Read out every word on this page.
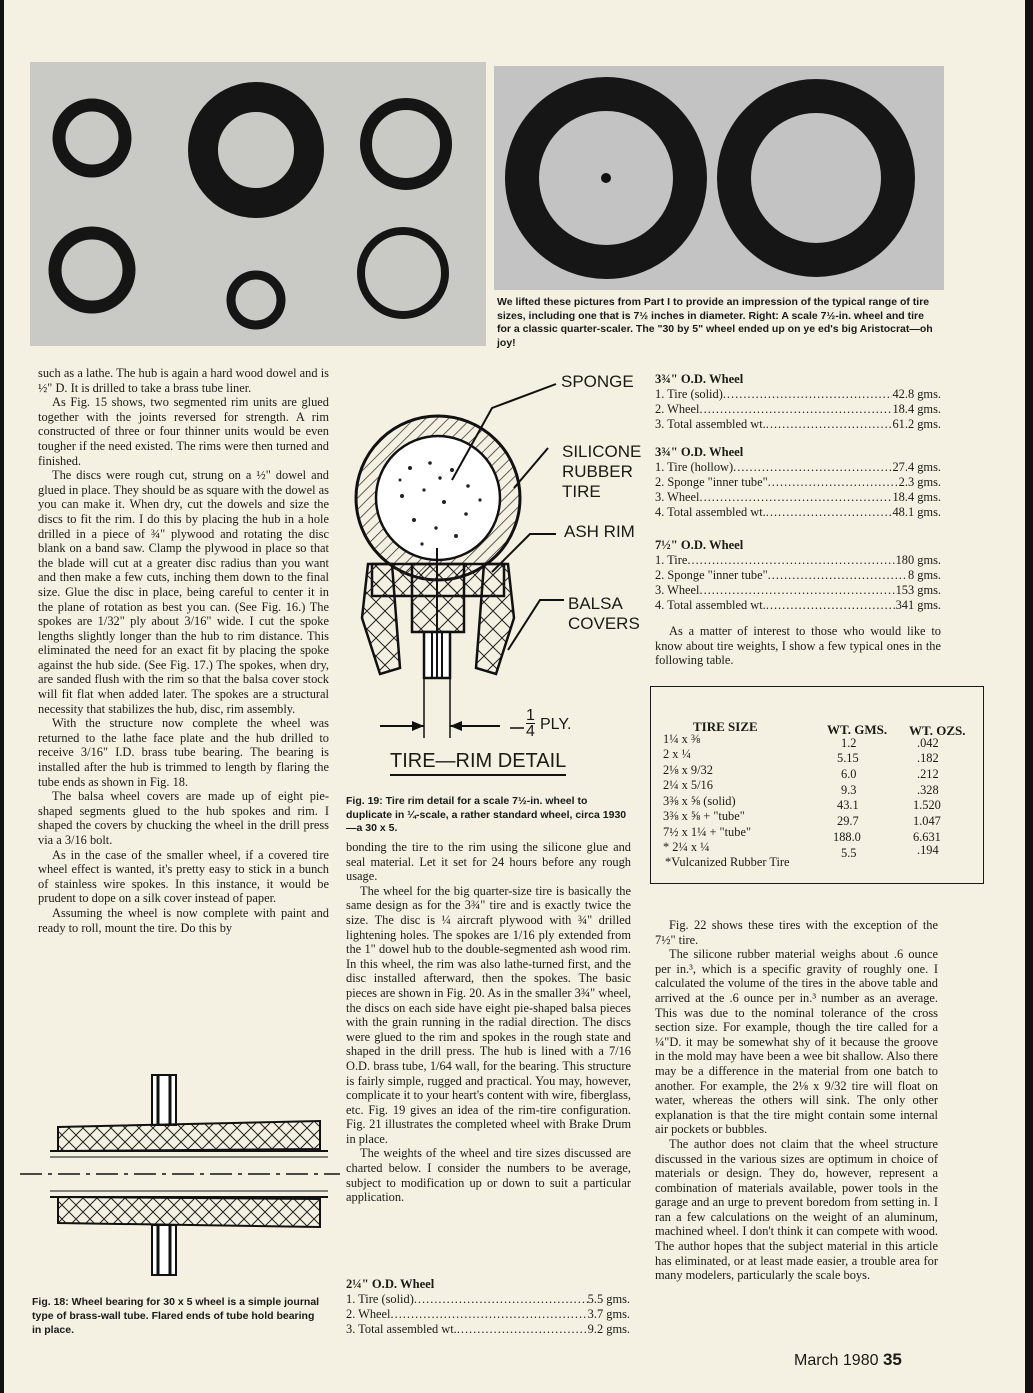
We lifted these pictures from Part I to provide an impression of the typical range of tire sizes, including one that is 7½ inches in diameter. Right: A scale 7½-in. wheel and tire for a classic quarter-scaler. The "30 by 5" wheel ended up on ye ed's big Aristocrat—oh joy!

such as a lathe. The hub is again a hard wood dowel and is ½" D. It is drilled to take a brass tube liner.

As Fig. 15 shows, two segmented rim units are glued together with the joints reversed for strength. A rim constructed of three or four thinner units would be even tougher if the need existed. The rims were then turned and finished.

The discs were rough cut, strung on a ½" dowel and glued in place. They should be as square with the dowel as you can make it. When dry, cut the dowels and size the discs to fit the rim. I do this by placing the hub in a hole drilled in a piece of ¾" plywood and rotating the disc blank on a band saw. Clamp the plywood in place so that the blade will cut at a greater disc radius than you want and then make a few cuts, inching them down to the final size. Glue the disc in place, being careful to center it in the plane of rotation as best you can. (See Fig. 16.) The spokes are 1/32" ply about 3/16" wide. I cut the spoke lengths slightly longer than the hub to rim distance. This eliminated the need for an exact fit by placing the spoke against the hub side. (See Fig. 17.) The spokes, when dry, are sanded flush with the rim so that the balsa cover stock will fit flat when added later. The spokes are a structural necessity that stabilizes the hub, disc, rim assembly.

With the structure now complete the wheel was returned to the lathe face plate and the hub drilled to receive 3/16" I.D. brass tube bearing. The bearing is installed after the hub is trimmed to length by flaring the tube ends as shown in Fig. 18.

The balsa wheel covers are made up of eight pie-shaped segments glued to the hub spokes and rim. I shaped the covers by chucking the wheel in the drill press via a 3/16 bolt.

As in the case of the smaller wheel, if a covered tire wheel effect is wanted, it's pretty easy to stick in a bunch of stainless wire spokes. In this instance, it would be prudent to dope on a silk cover instead of paper.

Assuming the wheel is now complete with paint and ready to roll, mount the tire. Do this by

Fig. 18: Wheel bearing for 30 x 5 wheel is a simple journal type of brass-wall tube. Flared ends of tube hold bearing in place.
SPONGE
SILICONE
RUBBER
TIRE
ASH RIM
BALSA
COVERS
$\frac{1}{4}$ PLY.
TIRE—RIM DETAIL
Fig. 19: Tire rim detail for a scale 7½-in. wheel to duplicate in ¼-scale, a rather standard wheel, circa 1930—a 30 x 5.

bonding the tire to the rim using the silicone glue and seal material. Let it set for 24 hours before any rough usage.

The wheel for the big quarter-size tire is basically the same design as for the 3¾" tire and is exactly twice the size. The disc is ¼ aircraft plywood with ¾" drilled lightening holes. The spokes are 1/16 ply extended from the 1" dowel hub to the double-segmented ash wood rim. In this wheel, the rim was also lathe-turned first, and the disc installed afterward, then the spokes. The basic pieces are shown in Fig. 20. As in the smaller 3¾" wheel, the discs on each side have eight pie-shaped balsa pieces with the grain running in the radial direction. The discs were glued to the rim and spokes in the rough state and shaped in the drill press. The hub is lined with a 7/16 O.D. brass tube, 1/64 wall, for the bearing. This structure is fairly simple, rugged and practical. You may, however, complicate it to your heart's content with wire, fiberglass, etc. Fig. 19 gives an idea of the rim-tire configuration. Fig. 21 illustrates the completed wheel with Brake Drum in place.

The weights of the wheel and tire sizes discussed are charted below. I consider the numbers to be average, subject to modification up or down to suit a particular application.

2¼" O.D. Wheel
1. Tire (solid) .....	5.5 gms.
2. Wheel .....	3.7 gms.
3. Total assembled wt. .....	9.2 gms.
3¾" O.D. Wheel
1. Tire (solid) .....	42.8 gms.
2. Wheel .....	18.4 gms.
3. Total assembled wt. .....	61.2 gms.
3¾" O.D. Wheel
1. Tire (hollow) .....	27.4 gms.
2. Sponge "inner tube" .....	2.3 gms.
3. Wheel .....	18.4 gms.
4. Total assembled wt. .....	48.1 gms.
7½" O.D. Wheel
1. Tire .....	180 gms.
2. Sponge "inner tube" .....	8 gms.
3. Wheel .....	153 gms.
4. Total assembled wt. .....	341 gms.

As a matter of interest to those who would like to know about tire weights, I show a few typical ones in the following table.

TIRE SIZE	WT. GMS. WT. OZS.
1¼ x ⅜	1.2	.042
2 x ¼	5.15	.182
2⅛ x 9/32	6.0	.212
2¼ x 5/16	9.3	.328
3⅜ x ⅝ (solid)	43.1	1.520
3⅜ x ⅝ + "tube"	29.7	1.047
7½ x 1¼ + "tube"	188.0	6.631
* 2¼ x ¼	5.5	.194
*Vulcanized Rubber Tire

Fig. 22 shows these tires with the exception of the 7½" tire.

The silicone rubber material weighs about .6 ounce per in.³, which is a specific gravity of roughly one. I calculated the volume of the tires in the above table and arrived at the .6 ounce per in.³ number as an average. This was due to the nominal tolerance of the cross section size. For example, though the tire called for a ¼"D. it may be somewhat shy of it because the groove in the mold may have been a wee bit shallow. Also there may be a difference in the material from one batch to another. For example, the 2⅛ x 9/32 tire will float on water, whereas the others will sink. The only other explanation is that the tire might contain some internal air pockets or bubbles.

The author does not claim that the wheel structure discussed in the various sizes are optimum in choice of materials or design. They do, however, represent a combination of materials available, power tools in the garage and an urge to prevent boredom from setting in. I ran a few calculations on the weight of an aluminum, machined wheel. I don't think it can compete with wood. The author hopes that the subject material in this article has eliminated, or at least made easier, a trouble area for many modelers, particularly the scale boys.

March 1980 35
